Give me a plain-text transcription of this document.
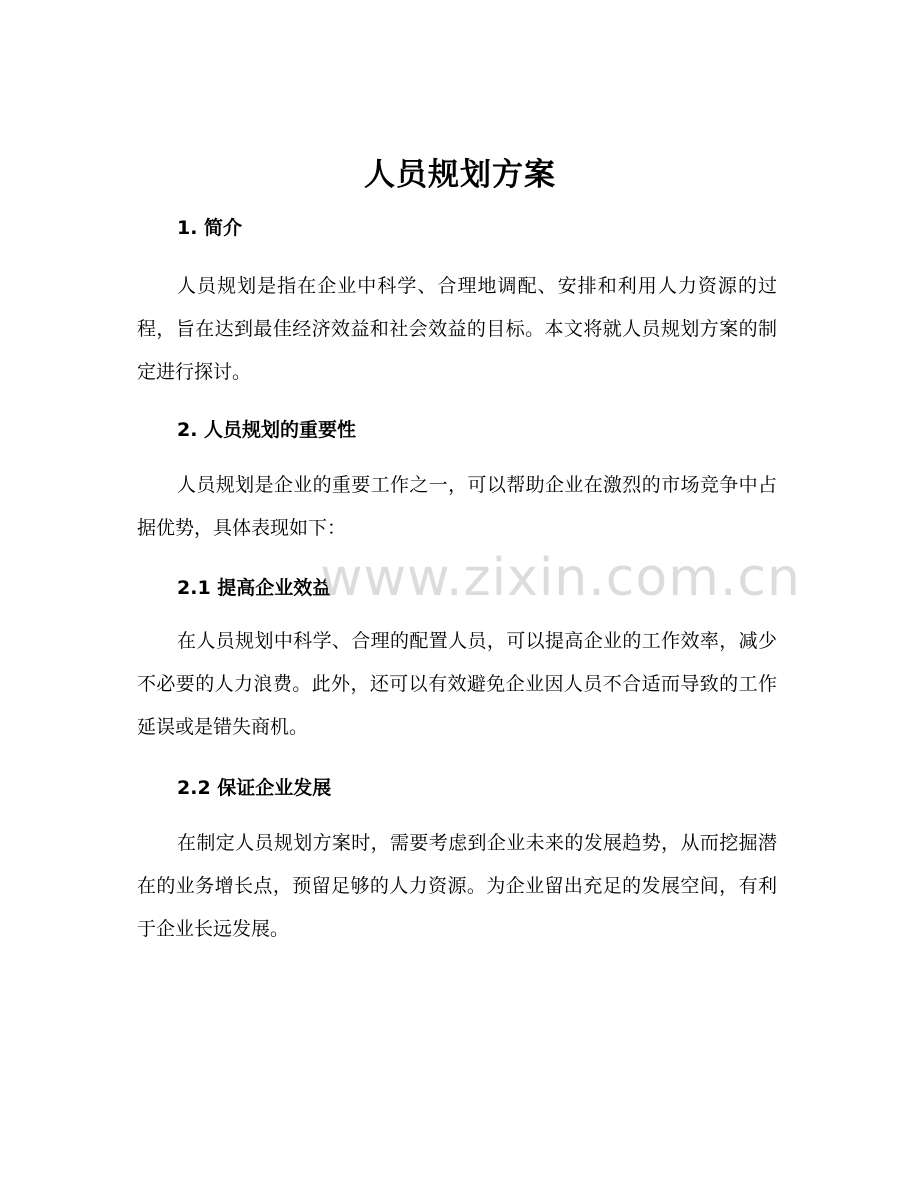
人员规划方案
1. 简介
人员规划是指在企业中科学、合理地调配、安排和利用人力资源的过程，旨在达到最佳经济效益和社会效益的目标。本文将就人员规划方案的制定进行探讨。
2. 人员规划的重要性
人员规划是企业的重要工作之一，可以帮助企业在激烈的市场竞争中占据优势，具体表现如下：
2.1 提高企业效益
在人员规划中科学、合理的配置人员，可以提高企业的工作效率，减少不必要的人力浪费。此外，还可以有效避免企业因人员不合适而导致的工作延误或是错失商机。
2.2 保证企业发展
在制定人员规划方案时，需要考虑到企业未来的发展趋势，从而挖掘潜在的业务增长点，预留足够的人力资源。为企业留出充足的发展空间，有利于企业长远发展。
www.zixin.com.cn
